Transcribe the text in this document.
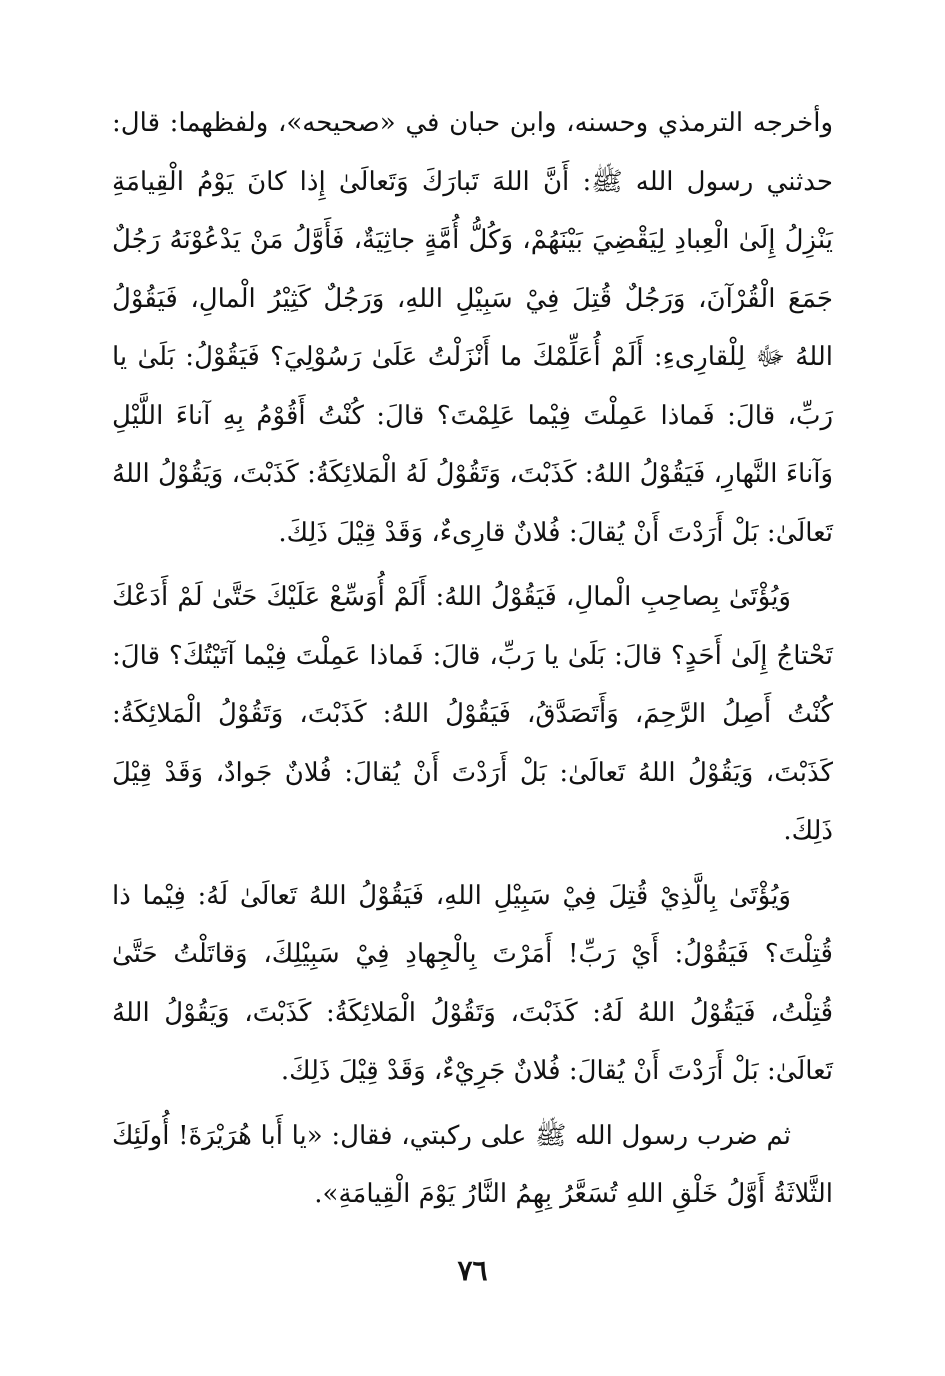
وأخرجه الترمذي وحسنه، وابن حبان في «صحيحه»، ولفظهما: قال: حدثني رسول الله ﷺ: أَنَّ اللهَ تَبارَكَ وَتَعالَىٰ إِذا كانَ يَوْمُ الْقِيامَةِ يَنْزِلُ إِلَىٰ الْعِبادِ لِيَقْضِيَ بَيْنَهُمْ، وَكُلُّ أُمَّةٍ جاثِيَةٌ، فَأَوَّلُ مَنْ يَدْعُوْنَهُ رَجُلٌ جَمَعَ الْقُرْآنَ، وَرَجُلٌ قُتِلَ فِيْ سَبِيْلِ اللهِ، وَرَجُلٌ كَثِيْرُ الْمالِ، فَيَقُوْلُ اللهُ ﷻ لِلْقارِىءِ: أَلَمْ أُعَلِّمْكَ ما أَنْزَلْتُ عَلَىٰ رَسُوْلِيَ؟ فَيَقُوْلُ: بَلَىٰ يا رَبِّ، قالَ: فَماذا عَمِلْتَ فِيْما عَلِمْتَ؟ قالَ: كُنْتُ أَقُوْمُ بِهِ آناءَ اللَّيْلِ وَآناءَ النَّهارِ، فَيَقُوْلُ اللهُ: كَذَبْتَ، وَتَقُوْلُ لَهُ الْمَلائِكَةُ: كَذَبْتَ، وَيَقُوْلُ اللهُ تَعالَىٰ: بَلْ أَرَدْتَ أَنْ يُقالَ: فُلانٌ قارِىءٌ، وَقَدْ قِيْلَ ذَلِكَ.

وَيُؤْتَىٰ بِصاحِبِ الْمالِ، فَيَقُوْلُ اللهُ: أَلَمْ أُوَسِّعْ عَلَيْكَ حَتَّىٰ لَمْ أَدَعْكَ تَحْتاجُ إِلَىٰ أَحَدٍ؟ قالَ: بَلَىٰ يا رَبِّ، قالَ: فَماذا عَمِلْتَ فِيْما آتَيْتُكَ؟ قالَ: كُنْتُ أَصِلُ الرَّحِمَ، وَأَتَصَدَّقُ، فَيَقُوْلُ اللهُ: كَذَبْتَ، وَتَقُوْلُ الْمَلائِكَةُ: كَذَبْتَ، وَيَقُوْلُ اللهُ تَعالَىٰ: بَلْ أَرَدْتَ أَنْ يُقالَ: فُلانٌ جَوادٌ، وَقَدْ قِيْلَ ذَلِكَ.

وَيُؤْتَىٰ بِالَّذِيْ قُتِلَ فِيْ سَبِيْلِ اللهِ، فَيَقُوْلُ اللهُ تَعالَىٰ لَهُ: فِيْما ذا قُتِلْتَ؟ فَيَقُوْلُ: أَيْ رَبِّ! أَمَرْتَ بِالْجِهادِ فِيْ سَبِيْلِكَ، وَقاتَلْتُ حَتَّىٰ قُتِلْتُ، فَيَقُوْلُ اللهُ لَهُ: كَذَبْتَ، وَتَقُوْلُ الْمَلائِكَةُ: كَذَبْتَ، وَيَقُوْلُ اللهُ تَعالَىٰ: بَلْ أَرَدْتَ أَنْ يُقالَ: فُلانٌ جَرِيْءٌ، وَقَدْ قِيْلَ ذَلِكَ.

ثم ضرب رسول الله ﷺ على ركبتي، فقال: «يا أَبا هُرَيْرَةَ! أُولَئِكَ الثَّلاثَةُ أَوَّلُ خَلْقِ اللهِ تُسَعَّرُ بِهِمُ النَّارُ يَوْمَ الْقِيامَةِ».

٧٦
